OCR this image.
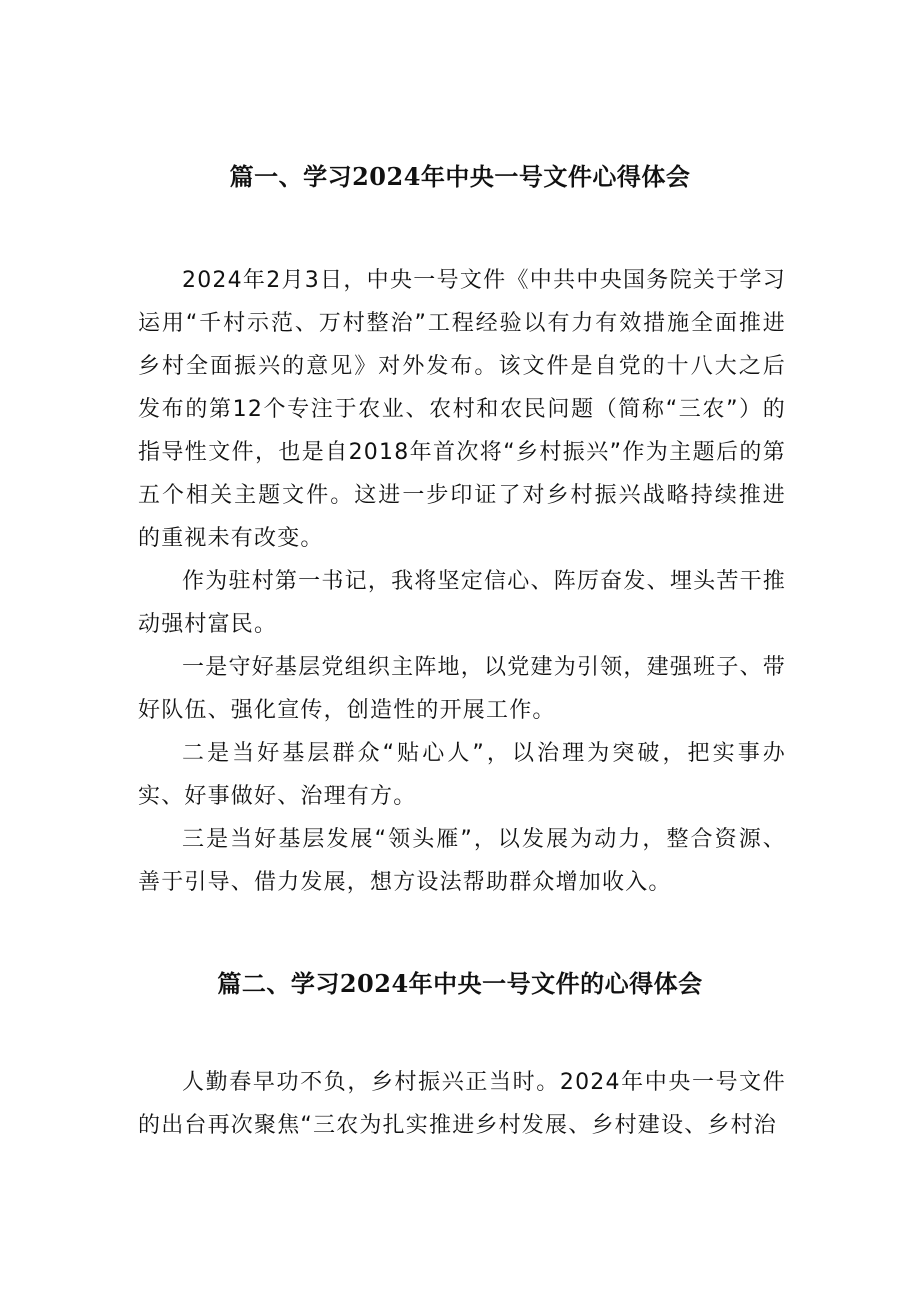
篇一、学习2024年中央一号文件心得体会

2024年2月3日，中央一号文件《中共中央国务院关于学习运用“千村示范、万村整治”工程经验以有力有效措施全面推进乡村全面振兴的意见》对外发布。该文件是自党的十八大之后发布的第12个专注于农业、农村和农民问题（简称“三农”）的指导性文件，也是自2018年首次将“乡村振兴”作为主题后的第五个相关主题文件。这进一步印证了对乡村振兴战略持续推进的重视未有改变。

作为驻村第一书记，我将坚定信心、阵厉奋发、埋头苦干推动强村富民。

一是守好基层党组织主阵地，以党建为引领，建强班子、带好队伍、强化宣传，创造性的开展工作。

二是当好基层群众“贴心人”，以治理为突破，把实事办实、好事做好、治理有方。

三是当好基层发展“领头雁”，以发展为动力，整合资源、善于引导、借力发展，想方设法帮助群众增加收入。

篇二、学习2024年中央一号文件的心得体会

人勤春早功不负，乡村振兴正当时。2024年中央一号文件的出台再次聚焦“三农为扎实推进乡村发展、乡村建设、乡村治
